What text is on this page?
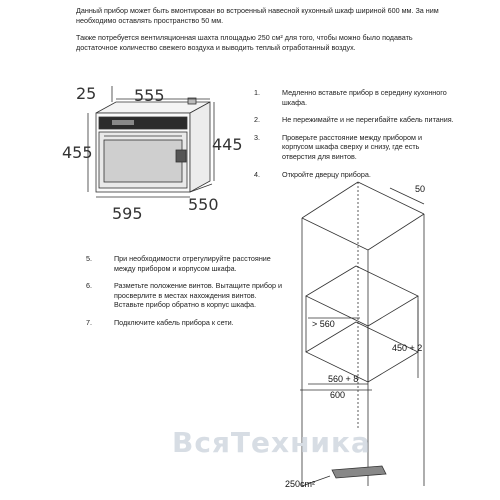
Данный прибор может быть вмонтирован во встроенный навесной кухонный шкаф шириной 600 мм. За ним необходимо оставлять пространство 50 мм.

Также потребуется вентиляционная шахта площадью 250 см² для того, чтобы можно было подавать достаточное количество свежего воздуха и выводить теплый отработанный воздух.

1.	Медленно вставьте прибор в середину кухонного шкафа.
2.	Не пережимайте и не перегибайте кабель питания.
3.	Проверьте расстояние между прибором и корпусом шкафа сверху и снизу, где есть отверстия для винтов.
4.	Откройте дверцу прибора.
5.	При необходимости отрегулируйте расстояние между прибором и корпусом шкафа.
6.	Разметьте положение винтов. Вытащите прибор и просверлите в местах нахождения винтов. Вставьте прибор обратно в корпус шкафа.
7.	Подключите кабель прибора к сети.
25 555
455	445
595	550
50
> 560
450 + 2
560 + 8
600
250cm²
ВсяТехника
